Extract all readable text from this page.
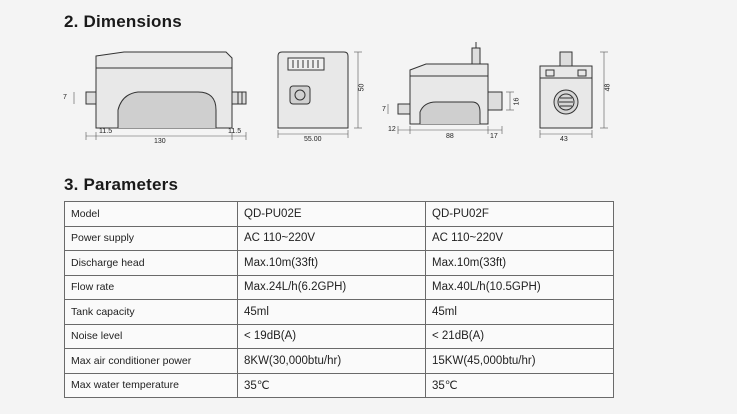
2. Dimensions
11.5
130
11.5
7
55.00
50
88
12
17
16
7
43
48
3. Parameters
Model	QD-PU02E	QD-PU02F
Power supply	AC 110~220V	AC 110~220V
Discharge head	Max.10m(33ft)	Max.10m(33ft)
Flow rate	Max.24L/h(6.2GPH)	Max.40L/h(10.5GPH)
Tank capacity	45ml	45ml
Noise level	< 19dB(A)	< 21dB(A)
Max air conditioner power	8KW(30,000btu/hr)	15KW(45,000btu/hr)
Max water temperature	35℃	35℃
